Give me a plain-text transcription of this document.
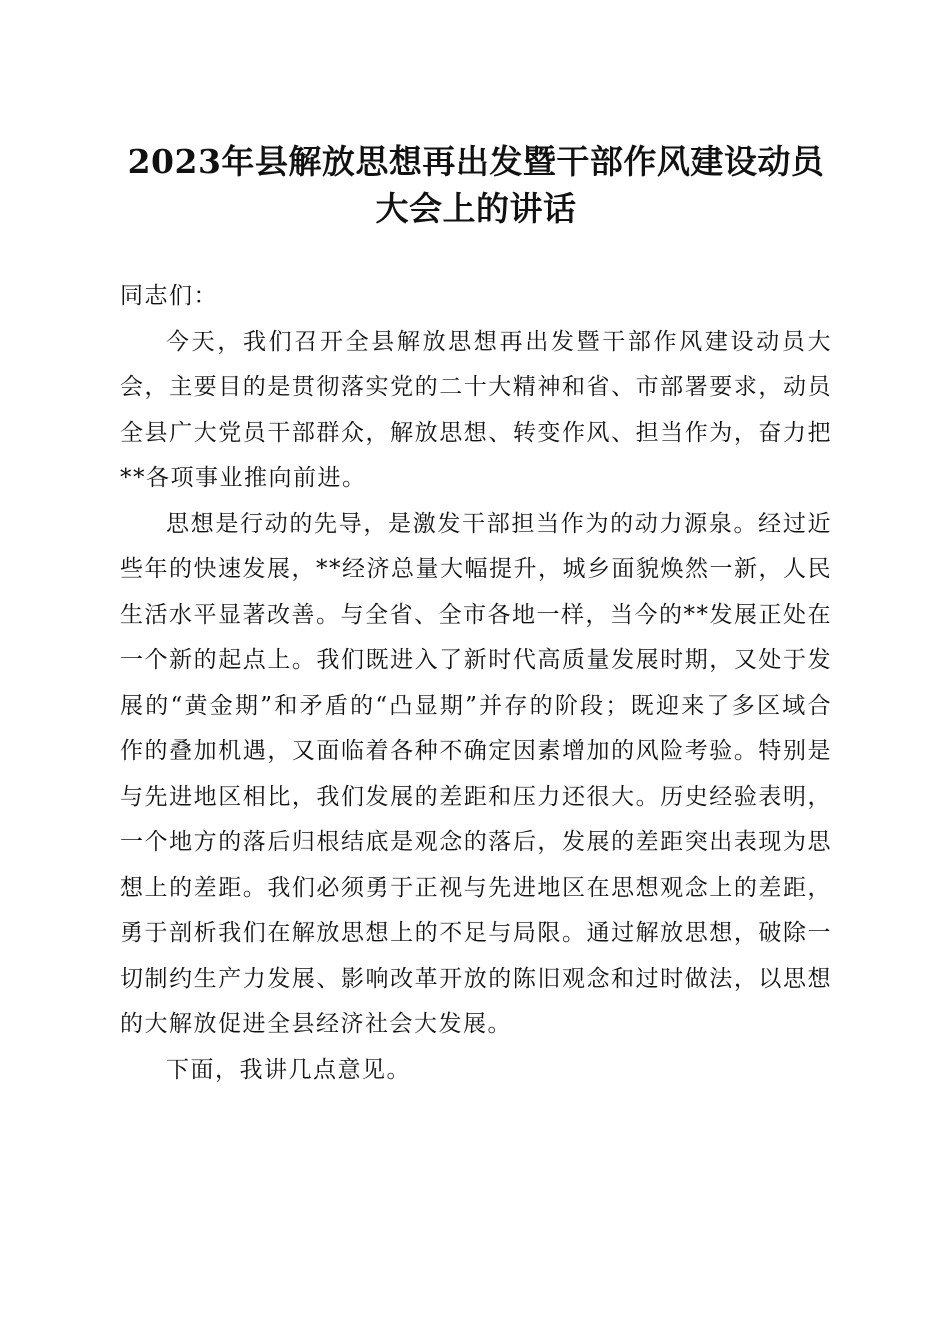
2023年县解放思想再出发暨干部作风建设动员大会上的讲话

同志们：

今天，我们召开全县解放思想再出发暨干部作风建设动员大会，主要目的是贯彻落实党的二十大精神和省、市部署要求，动员全县广大党员干部群众，解放思想、转变作风、担当作为，奋力把**各项事业推向前进。

思想是行动的先导，是激发干部担当作为的动力源泉。经过近些年的快速发展，**经济总量大幅提升，城乡面貌焕然一新，人民生活水平显著改善。与全省、全市各地一样，当今的**发展正处在一个新的起点上。我们既进入了新时代高质量发展时期，又处于发展的“黄金期”和矛盾的“凸显期”并存的阶段；既迎来了多区域合作的叠加机遇，又面临着各种不确定因素增加的风险考验。特别是与先进地区相比，我们发展的差距和压力还很大。历史经验表明，一个地方的落后归根结底是观念的落后，发展的差距突出表现为思想上的差距。我们必须勇于正视与先进地区在思想观念上的差距，勇于剖析我们在解放思想上的不足与局限。通过解放思想，破除一切制约生产力发展、影响改革开放的陈旧观念和过时做法，以思想的大解放促进全县经济社会大发展。

下面，我讲几点意见。
